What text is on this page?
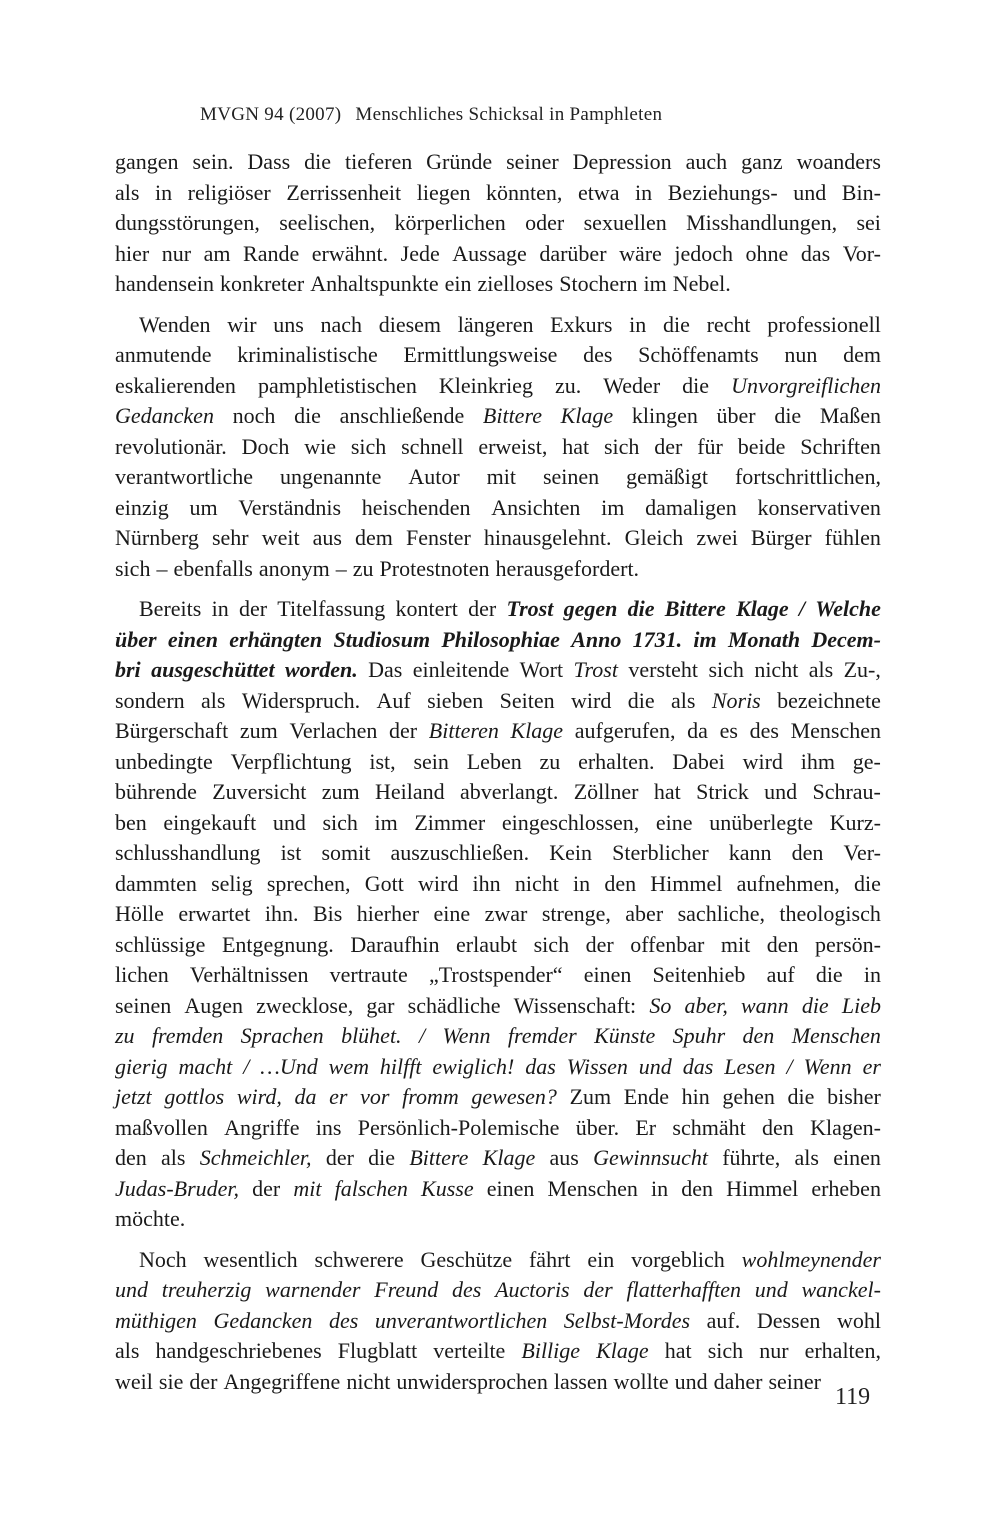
MVGN 94 (2007) Menschliches Schicksal in Pamphleten
gangen sein. Dass die tieferen Gründe seiner Depression auch ganz woanders
als in religiöser Zerrissenheit liegen könnten, etwa in Beziehungs- und Bin-
dungsstörungen, seelischen, körperlichen oder sexuellen Misshandlungen, sei
hier nur am Rande erwähnt. Jede Aussage darüber wäre jedoch ohne das Vor-
handensein konkreter Anhaltspunkte ein zielloses Stochern im Nebel.
Wenden wir uns nach diesem längeren Exkurs in die recht professionell
anmutende kriminalistische Ermittlungsweise des Schöffenamts nun dem
eskalierenden pamphletistischen Kleinkrieg zu. Weder die Unvorgreiflichen
Gedancken noch die anschließende Bittere Klage klingen über die Maßen
revolutionär. Doch wie sich schnell erweist, hat sich der für beide Schriften
verantwortliche ungenannte Autor mit seinen gemäßigt fortschrittlichen,
einzig um Verständnis heischenden Ansichten im damaligen konservativen
Nürnberg sehr weit aus dem Fenster hinausgelehnt. Gleich zwei Bürger fühlen
sich – ebenfalls anonym – zu Protestnoten herausgefordert.
Bereits in der Titelfassung kontert der Trost gegen die Bittere Klage / Welche
über einen erhängten Studiosum Philosophiae Anno 1731. im Monath Decem-
bri ausgeschüttet worden. Das einleitende Wort Trost versteht sich nicht als Zu-,
sondern als Widerspruch. Auf sieben Seiten wird die als Noris bezeichnete
Bürgerschaft zum Verlachen der Bitteren Klage aufgerufen, da es des Menschen
unbedingte Verpflichtung ist, sein Leben zu erhalten. Dabei wird ihm ge-
bührende Zuversicht zum Heiland abverlangt. Zöllner hat Strick und Schrau-
ben eingekauft und sich im Zimmer eingeschlossen, eine unüberlegte Kurz-
schlusshandlung ist somit auszuschließen. Kein Sterblicher kann den Ver-
dammten selig sprechen, Gott wird ihn nicht in den Himmel aufnehmen, die
Hölle erwartet ihn. Bis hierher eine zwar strenge, aber sachliche, theologisch
schlüssige Entgegnung. Daraufhin erlaubt sich der offenbar mit den persön-
lichen Verhältnissen vertraute „Trostspender“ einen Seitenhieb auf die in
seinen Augen zwecklose, gar schädliche Wissenschaft: So aber, wann die Lieb
zu fremden Sprachen blühet. / Wenn fremder Künste Spuhr den Menschen
gierig macht / …Und wem hilfft ewiglich! das Wissen und das Lesen / Wenn er
jetzt gottlos wird, da er vor fromm gewesen? Zum Ende hin gehen die bisher
maßvollen Angriffe ins Persönlich-Polemische über. Er schmäht den Klagen-
den als Schmeichler, der die Bittere Klage aus Gewinnsucht führte, als einen
Judas-Bruder, der mit falschen Kusse einen Menschen in den Himmel erheben
möchte.
Noch wesentlich schwerere Geschütze fährt ein vorgeblich wohlmeynender
und treuherzig warnender Freund des Auctoris der flatterhafften und wanckel-
müthigen Gedancken des unverantwortlichen Selbst-Mordes auf. Dessen wohl
als handgeschriebenes Flugblatt verteilte Billige Klage hat sich nur erhalten,
weil sie der Angegriffene nicht unwidersprochen lassen wollte und daher seiner
119
